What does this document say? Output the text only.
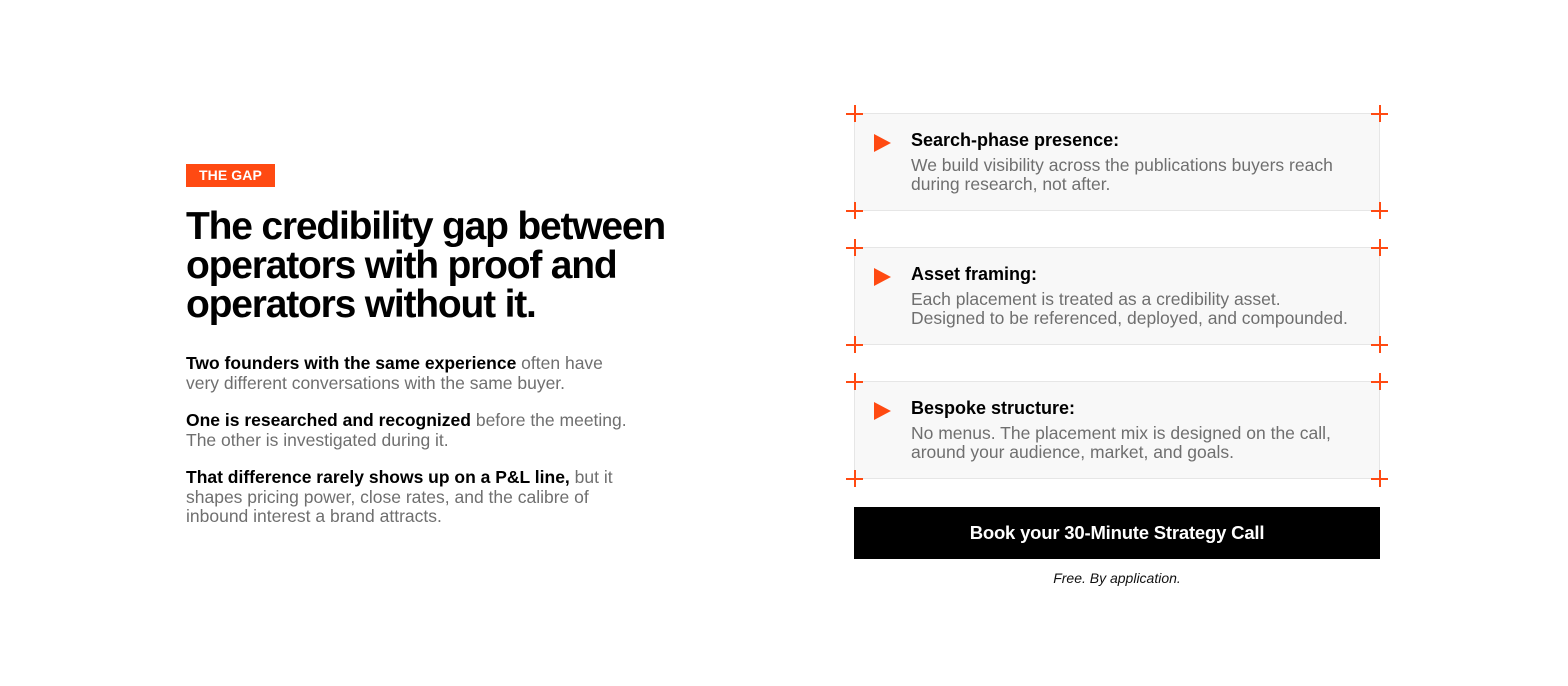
THE GAP
The credibility gap between operators with proof and operators without it.

Two founders with the same experience often have very different conversations with the same buyer.

One is researched and recognized before the meeting. The other is investigated during it.

That difference rarely shows up on a P&L line, but it shapes pricing power, close rates, and the calibre of inbound interest a brand attracts.

Search-phase presence:
We build visibility across the publications buyers reach during research, not after.
Asset framing:
Each placement is treated as a credibility asset. Designed to be referenced, deployed, and compounded.
Bespoke structure:
No menus. The placement mix is designed on the call, around your audience, market, and goals.
Book your 30-Minute Strategy Call
Free. By application.
